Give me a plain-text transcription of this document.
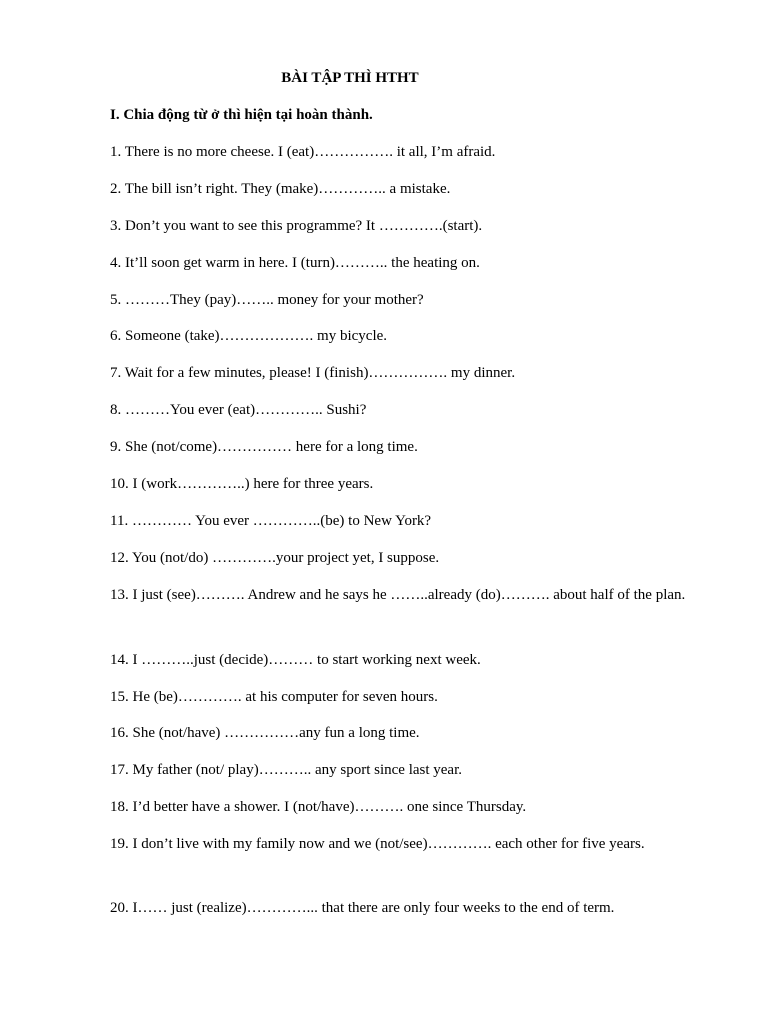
BÀI TẬP THÌ HTHT

I. Chia động từ ở thì hiện tại hoàn thành.

1. There is no more cheese. I (eat)……………. it all, I’m afraid.

2. The bill isn’t right. They (make)………….. a mistake.

3. Don’t you want to see this programme? It ………….(start).

4. It’ll soon get warm in here. I (turn)……….. the heating on.

5. ………They (pay)…….. money for your mother?

6. Someone (take)………………. my bicycle.

7. Wait for a few minutes, please! I (finish)……………. my dinner.

8. ………You ever (eat)………….. Sushi?

9. She (not/come)…………… here for a long time.

10. I (work…………..) here for three years.

11. ………… You ever …………..(be) to New York?

12. You (not/do) ………….your project yet, I suppose.

13. I just (see)………. Andrew and he says he ……..already (do)………. about half of the plan.

14. I ………..just (decide)……… to start working next week.

15. He (be)…………. at his computer for seven hours.

16. She (not/have) ……………any fun a long time.

17. My father (not/ play)……….. any sport since last year.

18. I’d better have a shower. I (not/have)………. one since Thursday.

19. I don’t live with my family now and we (not/see)…………. each other for five years.

20. I…… just (realize)…………... that there are only four weeks to the end of term.
